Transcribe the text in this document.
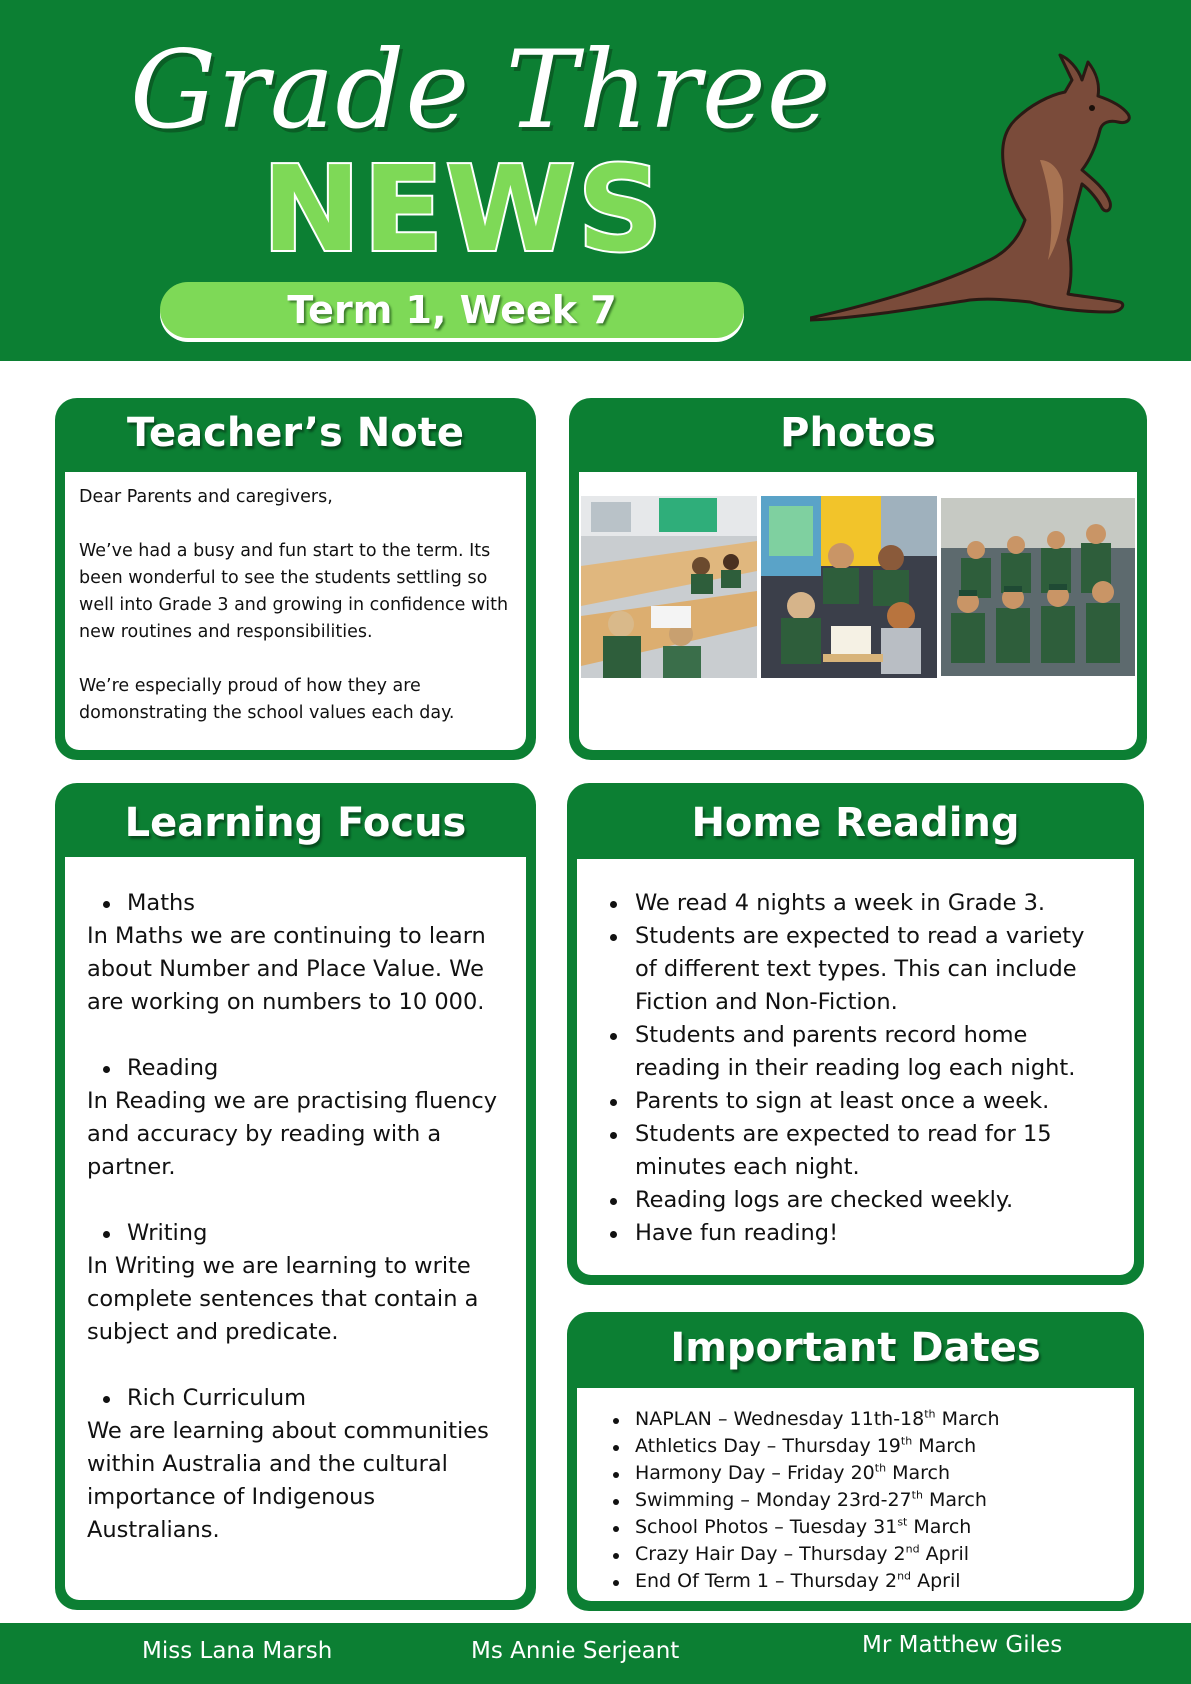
Grade Three
NEWS
Term 1, Week 7
Teacher’s Note

Dear Parents and caregivers,

We’ve had a busy and fun start to the term. Its been wonderful to see the students settling so well into Grade 3 and growing in confidence with new routines and responsibilities.

We’re especially proud of how they are domonstrating the school values each day.

Photos
Learning Focus
Maths
In Maths we are continuing to learn about Number and Place Value. We are working on numbers to 10 000.
Reading
In Reading we are practising fluency and accuracy by reading with a partner.
Writing
In Writing we are learning to write complete sentences that contain a subject and predicate.
Rich Curriculum
We are learning about communities within Australia and the cultural importance of Indigenous Australians.
Home Reading
We read 4 nights a week in Grade 3.
Students are expected to read a variety of different text types. This can include Fiction and Non-Fiction.
Students and parents record home reading in their reading log each night.
Parents to sign at least once a week.
Students are expected to read for 15 minutes each night.
Reading logs are checked weekly.
Have fun reading!
Important Dates
NAPLAN – Wednesday 11th-18th March
Athletics Day – Thursday 19th March
Harmony Day – Friday 20th March
Swimming – Monday 23rd-27th March
School Photos – Tuesday 31st March
Crazy Hair Day – Thursday 2nd April
End Of Term 1 – Thursday 2nd April
Miss Lana Marsh	Ms Annie Serjeant	Mr Matthew Giles
